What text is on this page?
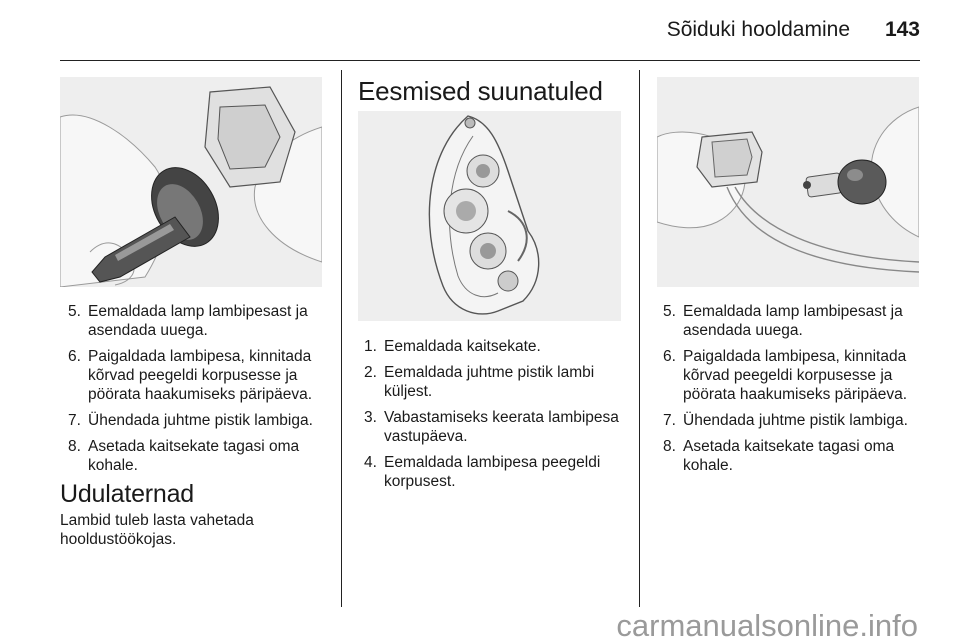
Sõiduki hooldamine	143
5. Eemaldada lamp lambipesast ja asendada uuega.
6. Paigaldada lambipesa, kinnitada kõrvad peegeldi korpusesse ja pöörata haakumiseks päripäeva.
7. Ühendada juhtme pistik lambiga.
8. Asetada kaitsekate tagasi oma kohale.
Udulaternad

Lambid tuleb lasta vahetada hooldustöökojas.

Eesmised suunatuled
1. Eemaldada kaitsekate.
2. Eemaldada juhtme pistik lambi küljest.
3. Vabastamiseks keerata lambipesa vastupäeva.
4. Eemaldada lambipesa peegeldi korpusest.
5. Eemaldada lamp lambipesast ja asendada uuega.
6. Paigaldada lambipesa, kinnitada kõrvad peegeldi korpusesse ja pöörata haakumiseks päripäeva.
7. Ühendada juhtme pistik lambiga.
8. Asetada kaitsekate tagasi oma kohale.
carmanualsonline.info
